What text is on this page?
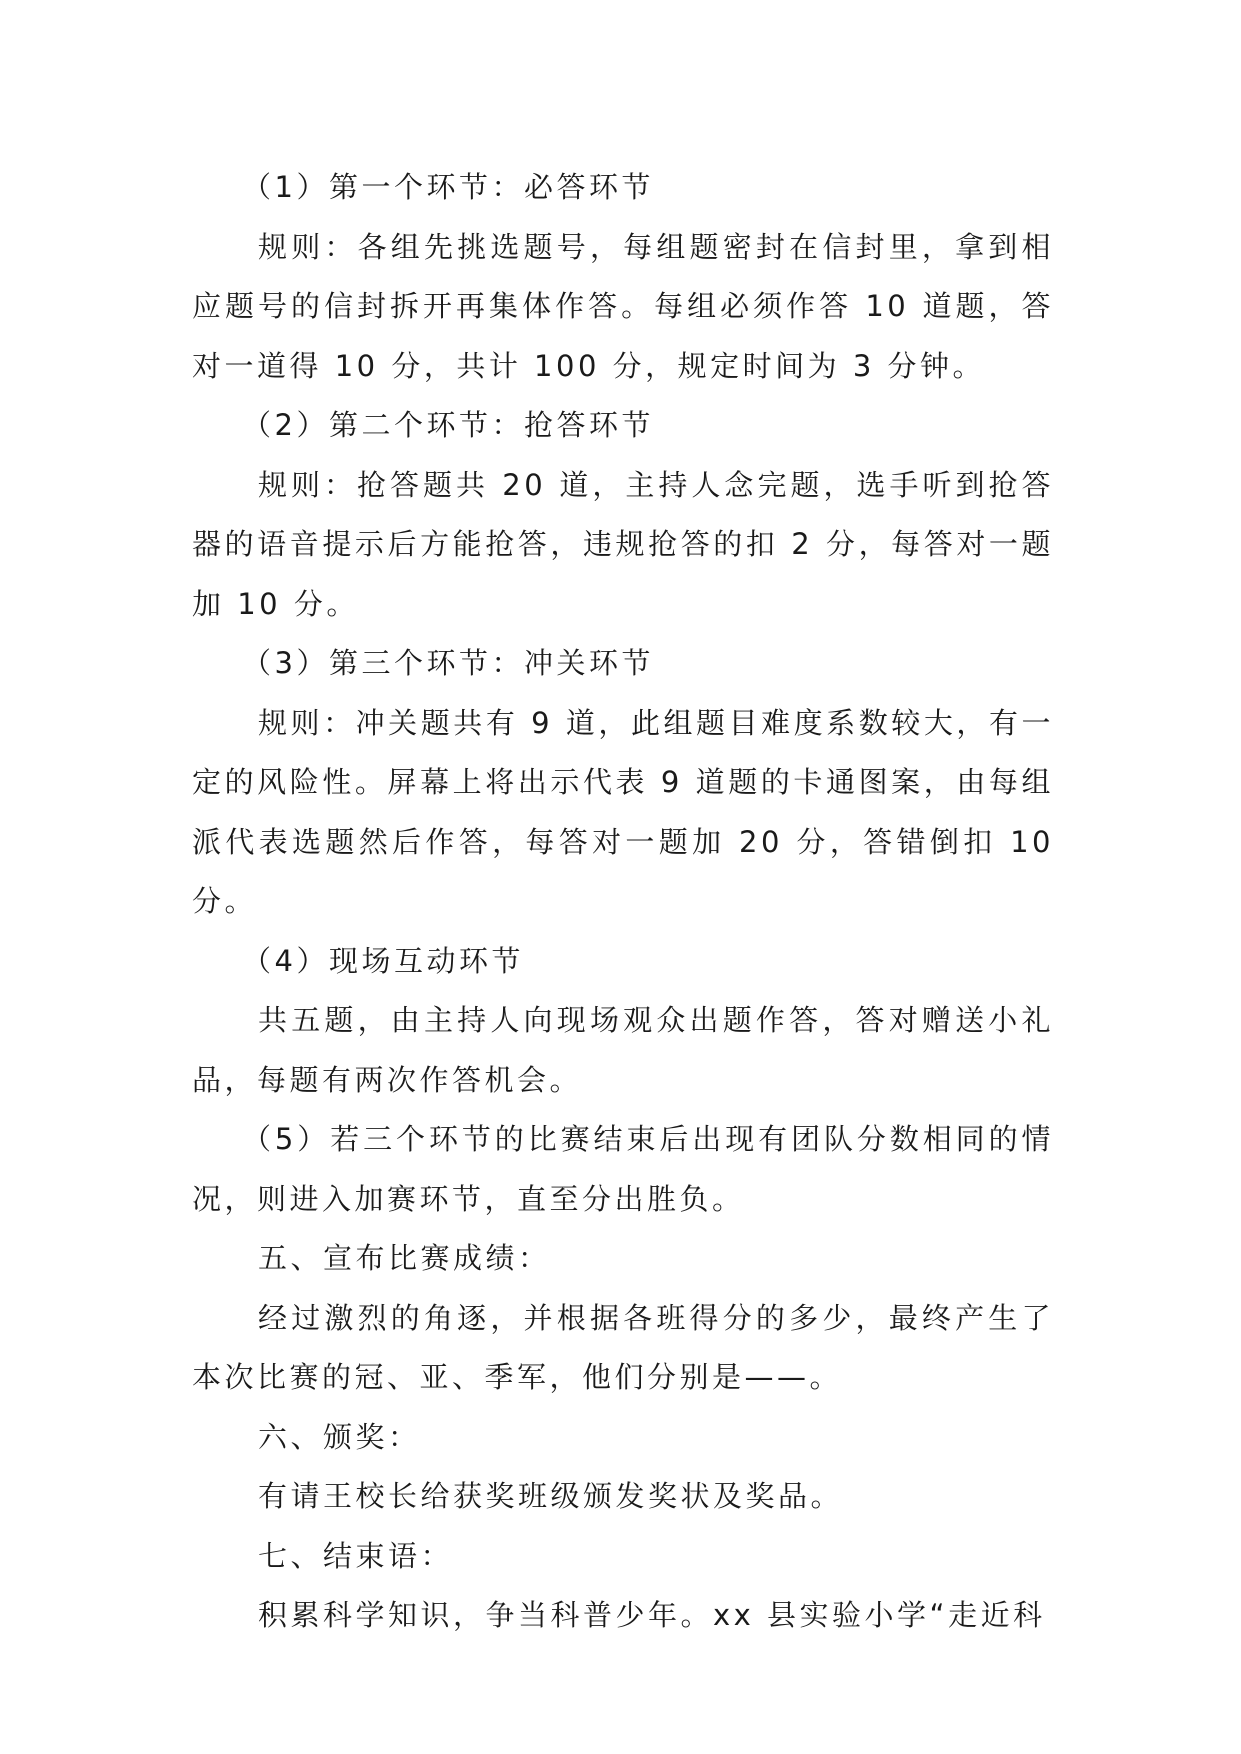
（1）第一个环节：必答环节

规则：各组先挑选题号，每组题密封在信封里，拿到相应题号的信封拆开再集体作答。每组必须作答 10 道题，答对一道得 10 分，共计 100 分，规定时间为 3 分钟。

（2）第二个环节：抢答环节

规则：抢答题共 20 道，主持人念完题，选手听到抢答器的语音提示后方能抢答，违规抢答的扣 2 分，每答对一题加 10 分。

（3）第三个环节：冲关环节

规则：冲关题共有 9 道，此组题目难度系数较大，有一定的风险性。屏幕上将出示代表 9 道题的卡通图案，由每组派代表选题然后作答，每答对一题加 20 分，答错倒扣 10 分。

（4）现场互动环节

共五题，由主持人向现场观众出题作答，答对赠送小礼品，每题有两次作答机会。

（5）若三个环节的比赛结束后出现有团队分数相同的情况，则进入加赛环节，直至分出胜负。

五、宣布比赛成绩：

经过激烈的角逐，并根据各班得分的多少，最终产生了本次比赛的冠、亚、季军，他们分别是——。

六、颁奖：

有请王校长给获奖班级颁发奖状及奖品。

七、结束语：

积累科学知识，争当科普少年。xx 县实验小学“走近科
